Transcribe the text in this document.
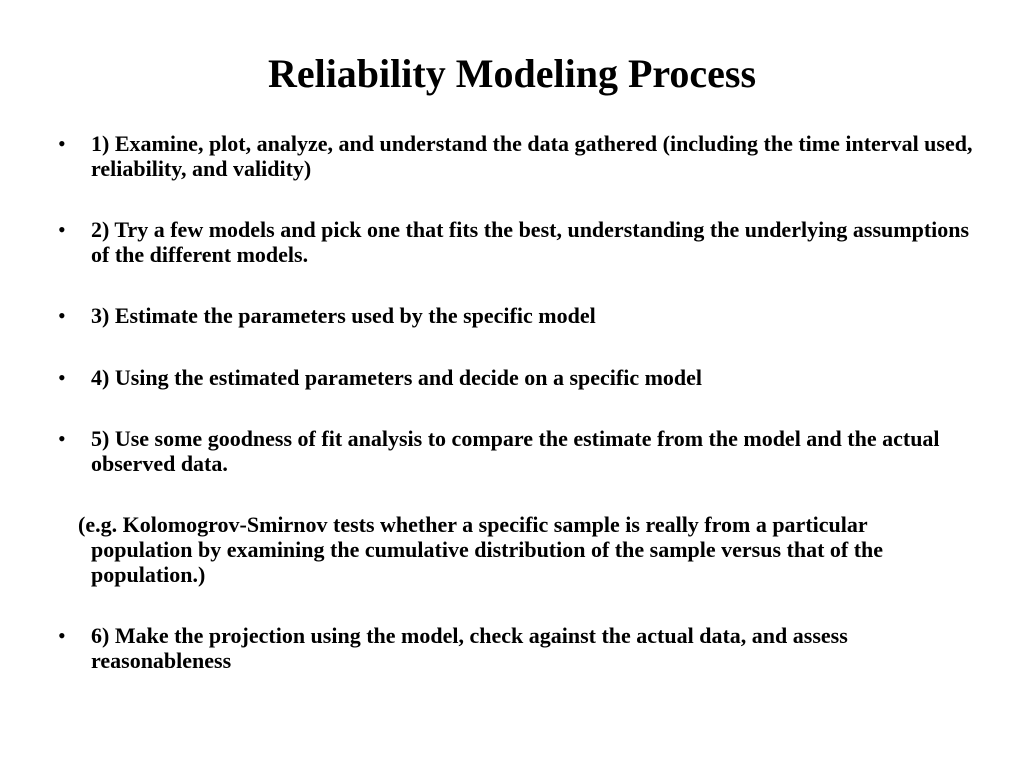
Reliability Modeling Process
•	1) Examine, plot, analyze, and understand the data gathered (including the time interval used, reliability, and validity)
•	2) Try a few models and pick one that fits the best, understanding the underlying assumptions of the different models.
•	3) Estimate the parameters used by the specific model
•	4) Using the estimated parameters and decide on a specific model
•	5) Use some goodness of fit analysis to compare the estimate from the model and the actual observed data.
(e.g. Kolomogrov-Smirnov tests whether a specific sample is really from a particular population by examining the cumulative distribution of the sample versus that of the population.)
•	6) Make the projection using the model, check against the actual data, and assess reasonableness
